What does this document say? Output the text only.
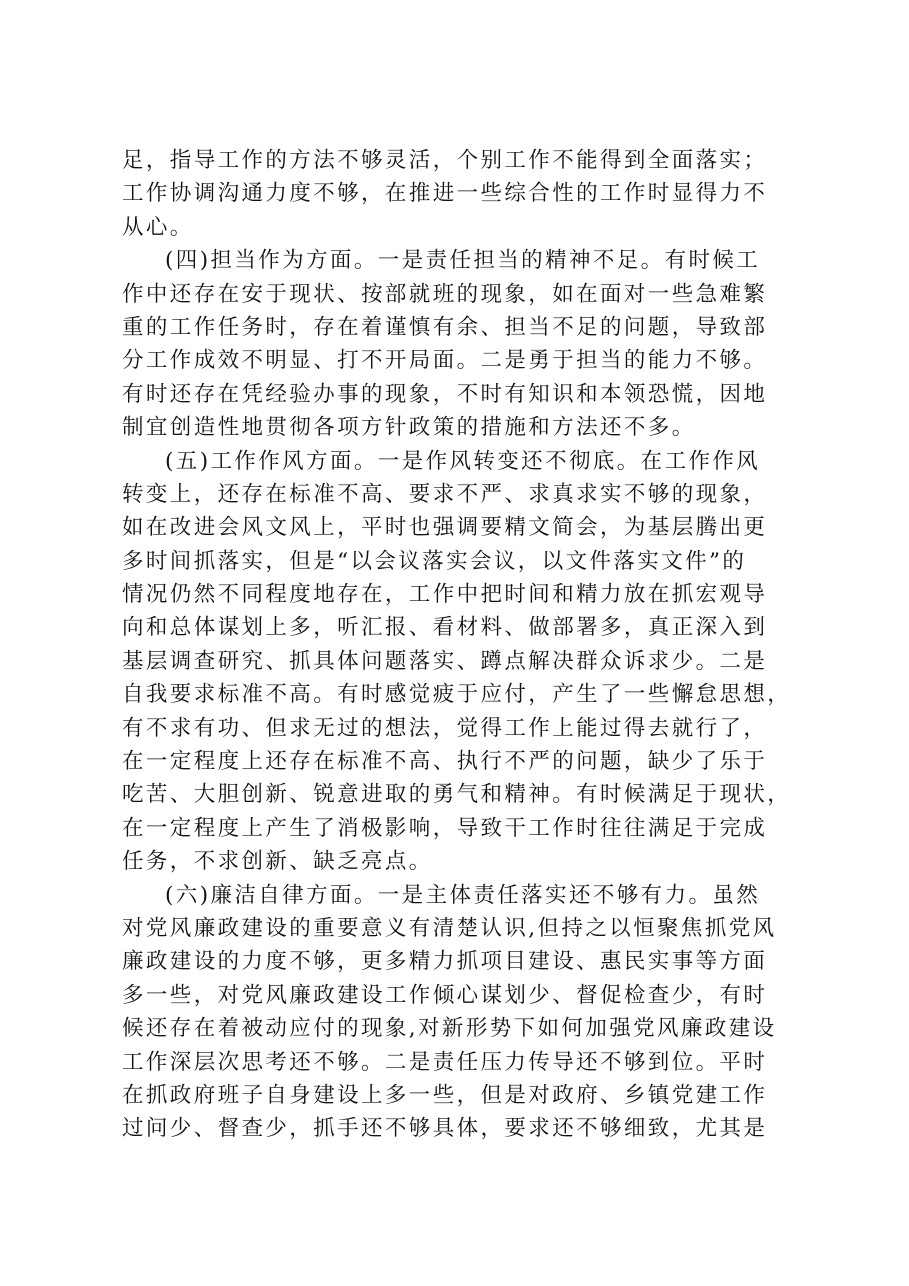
足，指导工作的方法不够灵活，个别工作不能得到全面落实；
工作协调沟通力度不够，在推进一些综合性的工作时显得力不
从心。
(四)担当作为方面。一是责任担当的精神不足。有时候工
作中还存在安于现状、按部就班的现象，如在面对一些急难繁
重的工作任务时，存在着谨慎有余、担当不足的问题，导致部
分工作成效不明显、打不开局面。二是勇于担当的能力不够。
有时还存在凭经验办事的现象，不时有知识和本领恐慌，因地
制宜创造性地贯彻各项方针政策的措施和方法还不多。
(五)工作作风方面。一是作风转变还不彻底。在工作作风
转变上，还存在标准不高、要求不严、求真求实不够的现象，
如在改进会风文风上，平时也强调要精文简会，为基层腾出更
多时间抓落实，但是“以会议落实会议，以文件落实文件”的
情况仍然不同程度地存在，工作中把时间和精力放在抓宏观导
向和总体谋划上多，听汇报、看材料、做部署多，真正深入到
基层调查研究、抓具体问题落实、蹲点解决群众诉求少。二是
自我要求标准不高。有时感觉疲于应付，产生了一些懈怠思想，
有不求有功、但求无过的想法，觉得工作上能过得去就行了，
在一定程度上还存在标准不高、执行不严的问题，缺少了乐于
吃苦、大胆创新、锐意进取的勇气和精神。有时候满足于现状，
在一定程度上产生了消极影响，导致干工作时往往满足于完成
任务，不求创新、缺乏亮点。
(六)廉洁自律方面。一是主体责任落实还不够有力。虽然
对党风廉政建设的重要意义有清楚认识,但持之以恒聚焦抓党风
廉政建设的力度不够，更多精力抓项目建设、惠民实事等方面
多一些，对党风廉政建设工作倾心谋划少、督促检查少，有时
候还存在着被动应付的现象,对新形势下如何加强党风廉政建设
工作深层次思考还不够。二是责任压力传导还不够到位。平时
在抓政府班子自身建设上多一些，但是对政府、乡镇党建工作
过问少、督查少，抓手还不够具体，要求还不够细致，尤其是
